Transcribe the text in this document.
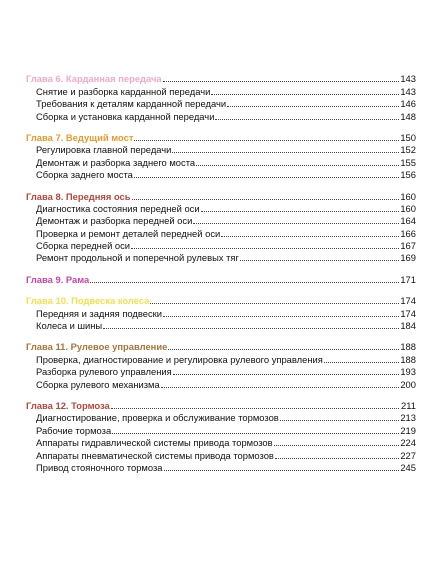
Глава 6. Карданная передача	143
Снятие и разборка карданной передачи	143
Требования к деталям карданной передачи	146
Сборка и установка карданной передачи	148
Глава 7. Ведущий мост	150
Регулировка главной передачи	152
Демонтаж и разборка заднего моста	155
Сборка заднего моста	156
Глава 8. Передняя ось	160
Диагностика состояния передней оси	160
Демонтаж и разборка передней оси	164
Проверка и ремонт деталей передней оси	166
Сборка передней оси	167
Ремонт продольной и поперечной рулевых тяг	169
Глава 9. Рама	171
Глава 10. Подвеска колеса	174
Передняя и задняя подвески	174
Колеса и шины	184
Глава 11. Рулевое управление	188
Проверка, диагностирование и регулировка рулевого управления	188
Разборка рулевого управления	193
Сборка рулевого механизма	200
Глава 12. Тормоза	211
Диагностирование, проверка и обслуживание тормозов	213
Рабочие тормоза	219
Аппараты гидравлической системы привода тормозов	224
Аппараты пневматической системы привода тормозов	227
Привод стояночного тормоза	245
